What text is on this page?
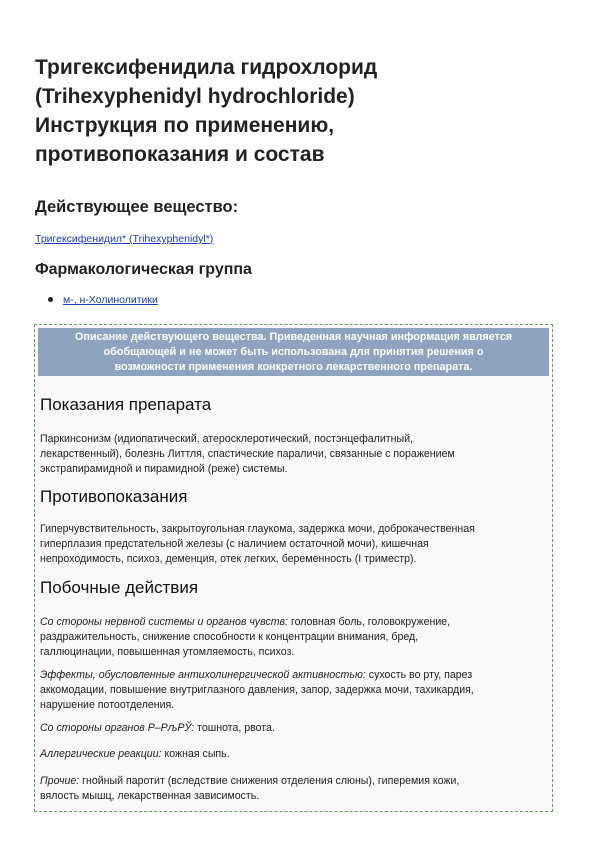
Тригексифенидила гидрохлорид
(Trihexyphenidyl hydrochloride)
Инструкция по применению,
противопоказания и состав
Действующее вещество:
Тригексифенидил* (Trihexyphenidyl*)
Фармакологическая группа
м-, н-Холинолитики
Описание действующего вещества. Приведенная научная информация является
обобщающей и не может быть использована для принятия решения о
возможности применения конкретного лекарственного препарата.
Показания препарата
Паркинсонизм (идиопатический, атеросклеротический, постэнцефалитный,
лекарственный), болезнь Литтля, спастические параличи, связанные с поражением
экстрапирамидной и пирамидной (реже) системы.
Противопоказания
Гиперчувствительность, закрытоугольная глаукома, задержка мочи, доброкачественная
гиперплазия предстательной железы (с наличием остаточной мочи), кишечная
непроходимость, психоз, деменция, отек легких, беременность (I триместр).
Побочные действия
Со стороны нервной системы и органов чувств: головная боль, головокружение,
раздражительность, снижение способности к концентрации внимания, бред,
галлюцинации, повышенная утомляемость, психоз.
Эффекты, обусловленные антихолинергической активностью: сухость во рту, парез
аккомодации, повышение внутриглазного давления, запор, задержка мочи, тахикардия,
нарушение потоотделения.
Со стороны органов Р–РљРЎ: тошнота, рвота.
Аллергические реакции: кожная сыпь.
Прочие: гнойный паротит (вследствие снижения отделения слюны), гиперемия кожи,
вялость мышц, лекарственная зависимость.
